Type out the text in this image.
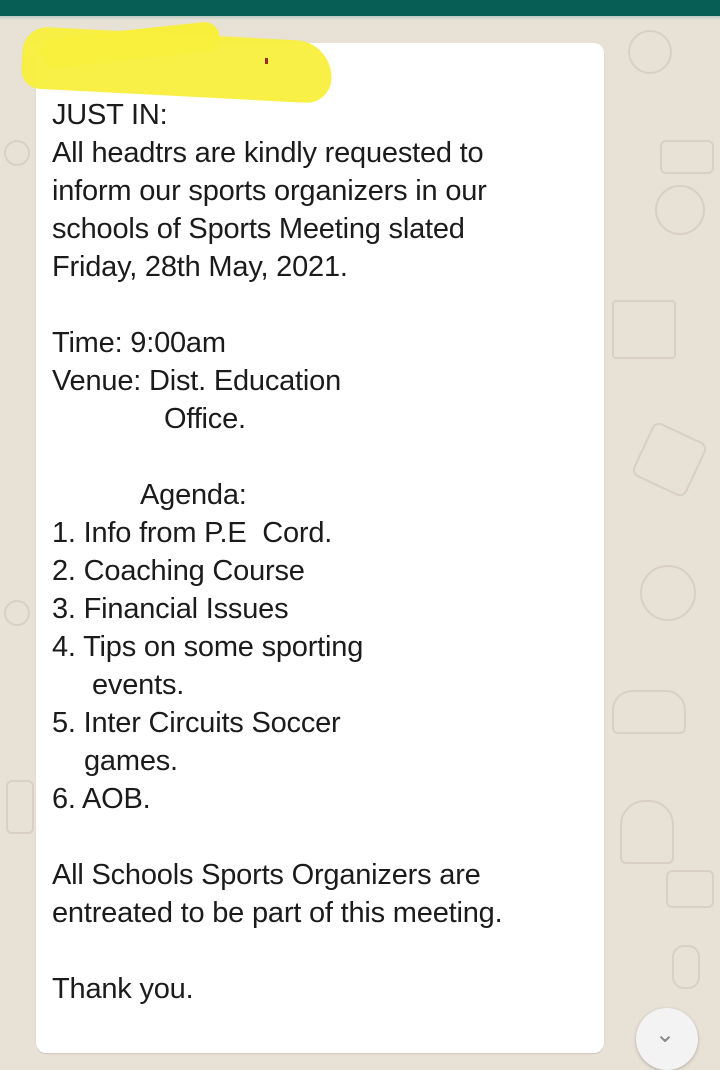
JUST IN:
All headtrs are kindly requested to
inform our sports organizers in our
schools of Sports Meeting slated
Friday, 28th May, 2021.
Time: 9:00am
Venue: Dist. Education
Office.
Agenda:
1. Info from P.E  Cord.
2. Coaching Course
3. Financial Issues
4. Tips on some sporting
events.
5. Inter Circuits Soccer
games.
6. AOB.
All Schools Sports Organizers are
entreated to be part of this meeting.
Thank you.
⌄
